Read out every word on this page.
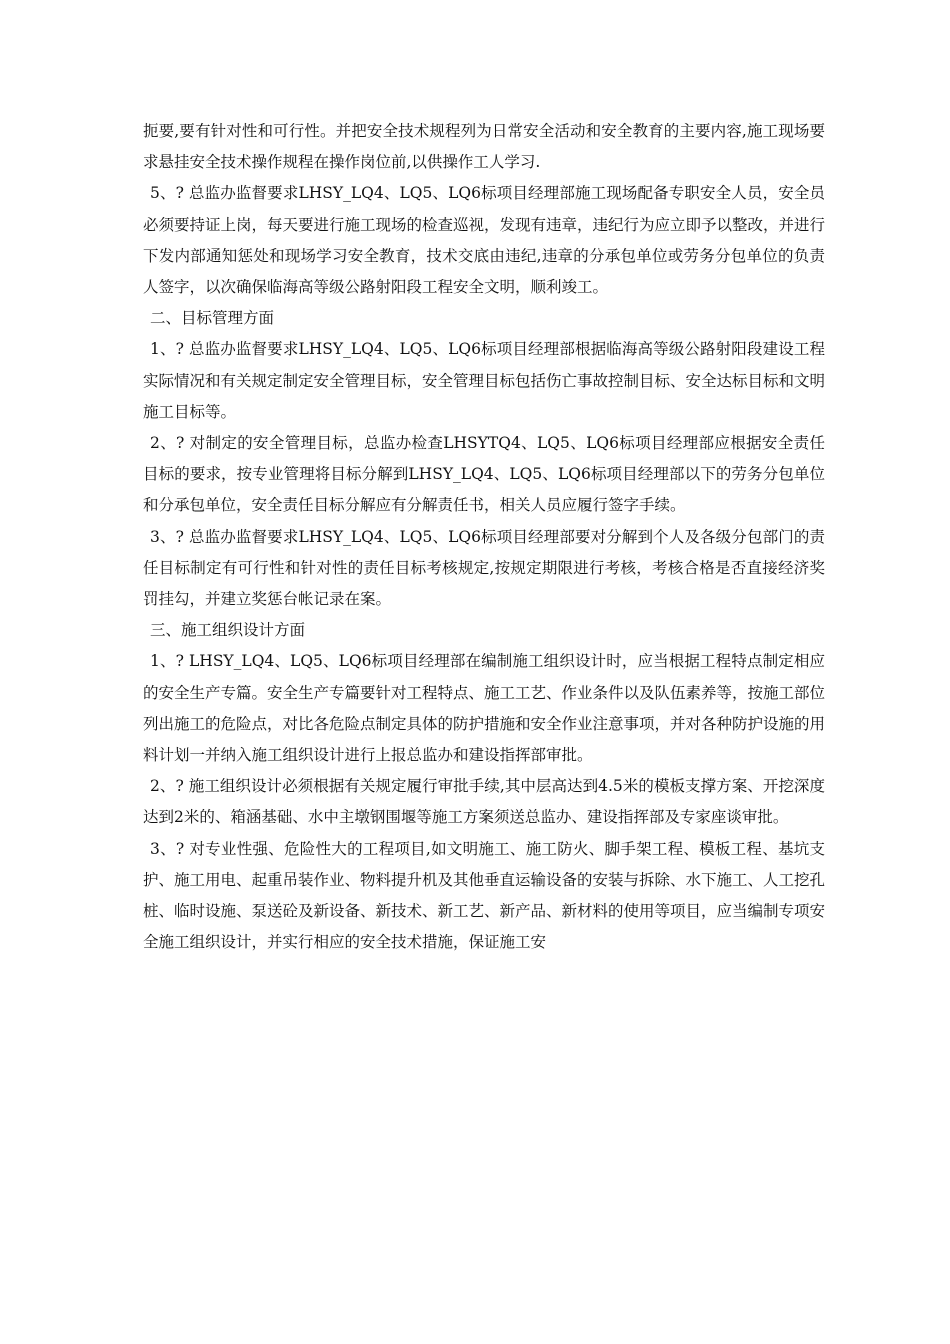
扼要,要有针对性和可行性。并把安全技术规程列为日常安全活动和安全教育的主要内容,施工现场要求悬挂安全技术操作规程在操作岗位前,以供操作工人学习.

5、? 总监办监督要求LHSY_LQ4、LQ5、LQ6标项目经理部施工现场配备专职安全人员，安全员必须要持证上岗，每天要进行施工现场的检查巡视，发现有违章，违纪行为应立即予以整改，并进行下发内部通知惩处和现场学习安全教育，技术交底由违纪,违章的分承包单位或劳务分包单位的负责人签字，以次确保临海高等级公路射阳段工程安全文明，顺利竣工。

二、目标管理方面

1、? 总监办监督要求LHSY_LQ4、LQ5、LQ6标项目经理部根据临海高等级公路射阳段建设工程实际情况和有关规定制定安全管理目标，安全管理目标包括伤亡事故控制目标、安全达标目标和文明施工目标等。

2、? 对制定的安全管理目标，总监办检查LHSYTQ4、LQ5、LQ6标项目经理部应根据安全责任目标的要求，按专业管理将目标分解到LHSY_LQ4、LQ5、LQ6标项目经理部以下的劳务分包单位和分承包单位，安全责任目标分解应有分解责任书，相关人员应履行签字手续。

3、? 总监办监督要求LHSY_LQ4、LQ5、LQ6标项目经理部要对分解到个人及各级分包部门的责任目标制定有可行性和针对性的责任目标考核规定,按规定期限进行考核，考核合格是否直接经济奖罚挂勾，并建立奖惩台帐记录在案。

三、施工组织设计方面

1、? LHSY_LQ4、LQ5、LQ6标项目经理部在编制施工组织设计时，应当根据工程特点制定相应的安全生产专篇。安全生产专篇要针对工程特点、施工工艺、作业条件以及队伍素养等，按施工部位列出施工的危险点，对比各危险点制定具体的防护措施和安全作业注意事项，并对各种防护设施的用料计划一并纳入施工组织设计进行上报总监办和建设指挥部审批。

2、? 施工组织设计必须根据有关规定履行审批手续,其中层高达到4.5米的模板支撑方案、开挖深度达到2米的、箱涵基础、水中主墩钢围堰等施工方案须送总监办、建设指挥部及专家座谈审批。

3、? 对专业性强、危险性大的工程项目,如文明施工、施工防火、脚手架工程、模板工程、基坑支护、施工用电、起重吊装作业、物料提升机及其他垂直运输设备的安装与拆除、水下施工、人工挖孔桩、临时设施、泵送砼及新设备、新技术、新工艺、新产品、新材料的使用等项目，应当编制专项安全施工组织设计，并实行相应的安全技术措施，保证施工安
